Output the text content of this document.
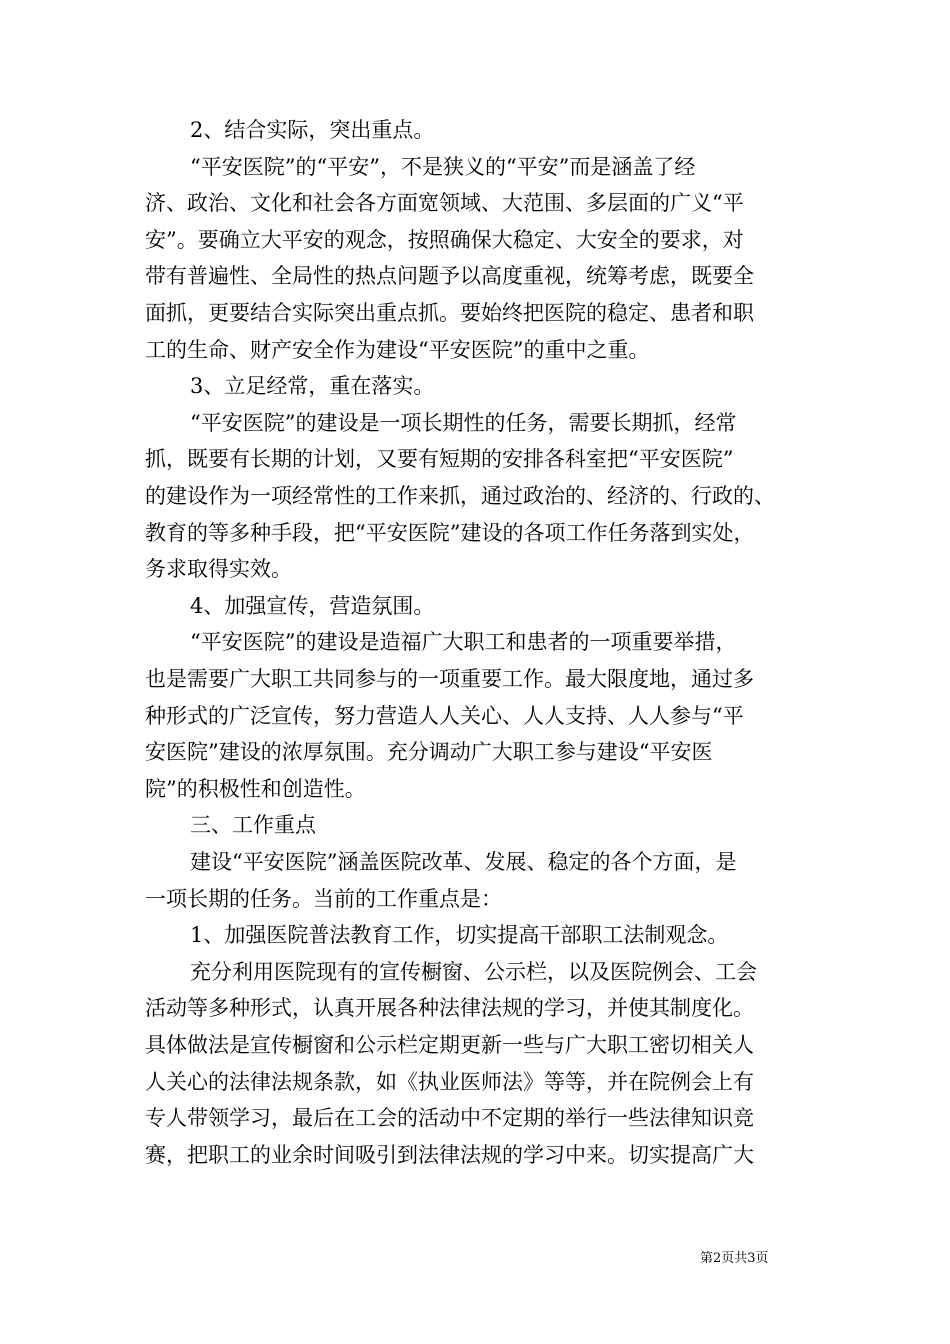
2、结合实际，突出重点。
“平安医院”的“平安”，不是狭义的“平安”而是涵盖了经
济、政治、文化和社会各方面宽领域、大范围、多层面的广义“平
安”。要确立大平安的观念，按照确保大稳定、大安全的要求，对
带有普遍性、全局性的热点问题予以高度重视，统筹考虑，既要全
面抓，更要结合实际突出重点抓。要始终把医院的稳定、患者和职
工的生命、财产安全作为建设“平安医院”的重中之重。
3、立足经常，重在落实。
“平安医院”的建设是一项长期性的任务，需要长期抓，经常
抓，既要有长期的计划，又要有短期的安排各科室把“平安医院”
的建设作为一项经常性的工作来抓，通过政治的、经济的、行政的、
教育的等多种手段，把“平安医院”建设的各项工作任务落到实处，
务求取得实效。
4、加强宣传，营造氛围。
“平安医院”的建设是造福广大职工和患者的一项重要举措，
也是需要广大职工共同参与的一项重要工作。最大限度地，通过多
种形式的广泛宣传，努力营造人人关心、人人支持、人人参与“平
安医院”建设的浓厚氛围。充分调动广大职工参与建设“平安医
院”的积极性和创造性。
三、工作重点
建设“平安医院”涵盖医院改革、发展、稳定的各个方面，是
一项长期的任务。当前的工作重点是：
1、加强医院普法教育工作，切实提高干部职工法制观念。
充分利用医院现有的宣传橱窗、公示栏，以及医院例会、工会
活动等多种形式，认真开展各种法律法规的学习，并使其制度化。
具体做法是宣传橱窗和公示栏定期更新一些与广大职工密切相关人
人关心的法律法规条款，如《执业医师法》等等，并在院例会上有
专人带领学习，最后在工会的活动中不定期的举行一些法律知识竞
赛，把职工的业余时间吸引到法律法规的学习中来。切实提高广大
第2页共3页
